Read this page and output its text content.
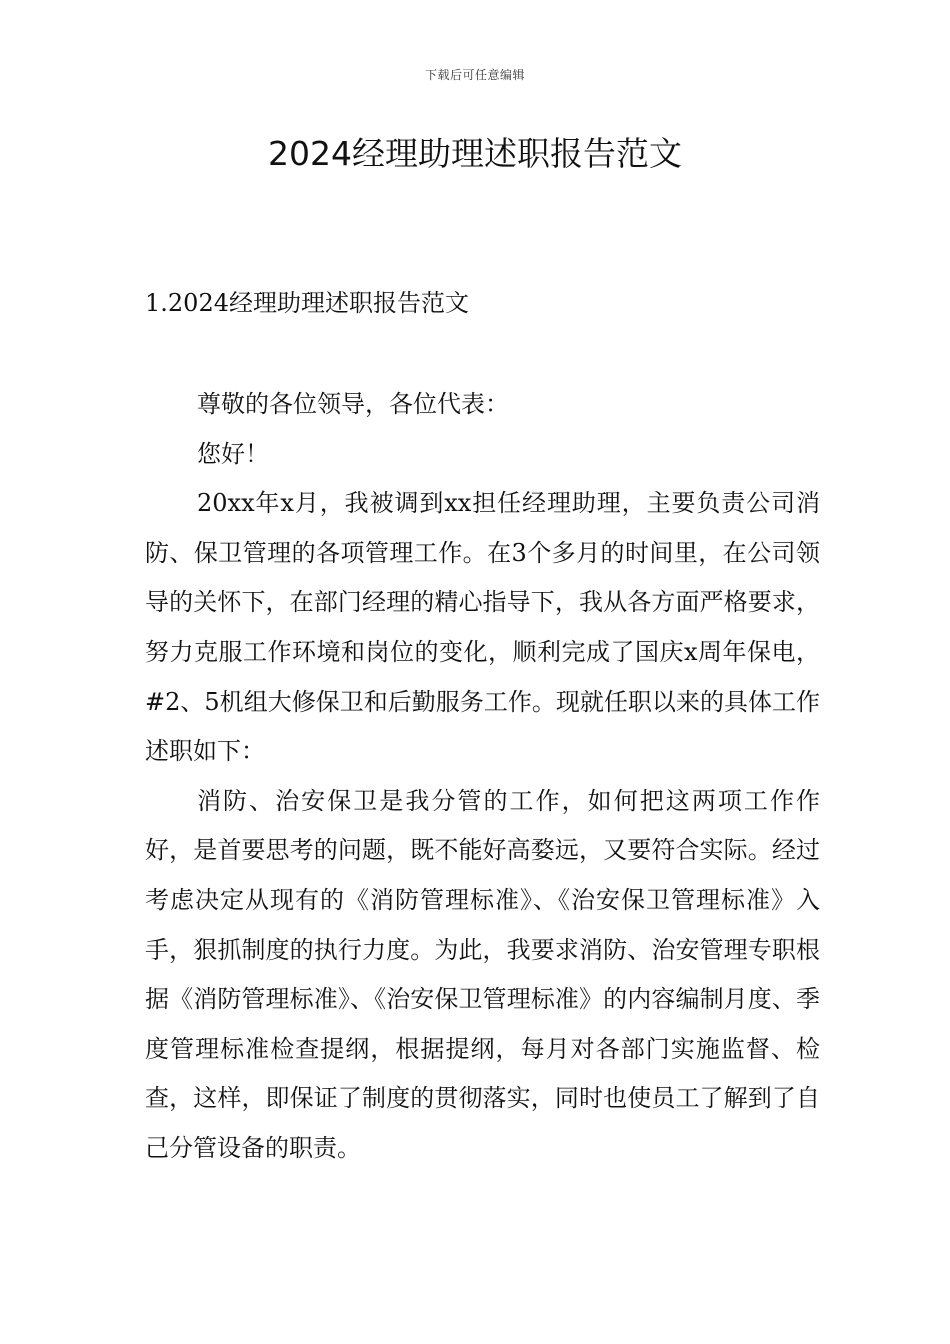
下载后可任意编辑
2024经理助理述职报告范文
1.2024经理助理述职报告范文

尊敬的各位领导，各位代表：

您好！

20xx年x月，我被调到xx担任经理助理，主要负责公司消防、保卫管理的各项管理工作。在3个多月的时间里，在公司领导的关怀下，在部门经理的精心指导下，我从各方面严格要求，努力克服工作环境和岗位的变化，顺利完成了国庆x周年保电，#2、5机组大修保卫和后勤服务工作。现就任职以来的具体工作述职如下：

消防、治安保卫是我分管的工作，如何把这两项工作作好，是首要思考的问题，既不能好高婺远，又要符合实际。经过考虑决定从现有的《消防管理标准》、《治安保卫管理标准》入手，狠抓制度的执行力度。为此，我要求消防、治安管理专职根据《消防管理标准》、《治安保卫管理标准》的内容编制月度、季度管理标准检查提纲，根据提纲，每月对各部门实施监督、检查，这样，即保证了制度的贯彻落实，同时也使员工了解到了自己分管设备的职责。
